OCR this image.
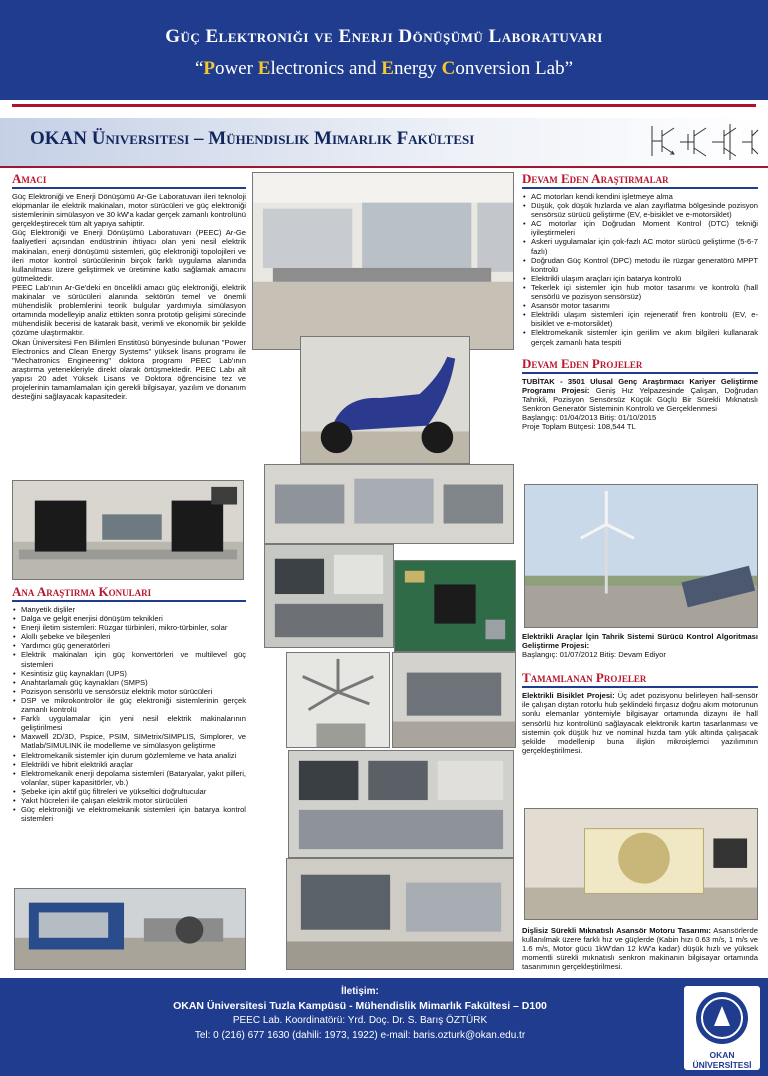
Güç Elektroniği ve Enerji Dönüşümü Laboratuvarı
“Power Electronics and Energy Conversion Lab”
OKAN Üniversitesi – Mühendislik Mimarlık Fakültesi
Amacı
Güç Elektroniği ve Enerji Dönüşümü Ar-Ge Laboratuvarı ileri teknoloji ekipmanlar ile elektrik makinaları, motor sürücüleri ve güç elektroniği sistemlerinin simülasyon ve 30 kW'a kadar gerçek zamanlı kontrolünü gerçekleştirecek tüm alt yapıya sahiptir.
Güç Elektroniği ve Enerji Dönüşümü Laboratuvarı (PEEC) Ar-Ge faaliyetleri açısından endüstrinin ihtiyacı olan yeni nesil elektrik makinaları, enerji dönüşümü sistemleri, güç elektroniği topolojileri ve ileri motor kontrol sürücülerinin birçok farklı uygulama alanında kullanılması üzere geliştirmek ve üretimine katkı sağlamak amacını gütmektedir.
PEEC Lab'ının Ar-Ge'deki en öncelikli amacı güç elektroniği, elektrik makinalar ve sürücüleri alanında sektörün temel ve önemli mühendislik problemlerini teorik bulgular yardımıyla simülasyon ortamında modelleyip analiz ettikten sonra prototip gelişimi sürecinde mühendislik becerisi de katarak basit, verimli ve ekonomik bir şekilde çözüme ulaştırmaktır.
Okan Üniversitesi Fen Bilimleri Enstitüsü bünyesinde bulunan "Power Electronics and Clean Energy Systems" yüksek lisans programı ile "Mechatronics Engineering" doktora programı PEEC Lab'ının araştırma yetenekleriyle direkt olarak örtüşmektedir. PEEC Labı alt yapısı 20 adet Yüksek Lisans ve Doktora öğrencisine tez ve projelerinin tamamlamaları için gerekli bilgisayar, yazılım ve donanım desteğini sağlayacak kapasitedeir.
Ana Araştırma Konuları
• Manyetik dişliler
• Dalga ve gelgit enerjisi dönüşüm teknikleri
• Enerji iletim sistemleri: Rüzgar türbinleri, mikro-türbinler, solar
• Akıllı şebeke ve bileşenleri
• Yardımcı güç generatörleri
• Elektrik makinaları için güç konvertörleri ve multilevel güç sistemleri
• Kesintisiz güç kaynakları (UPS)
• Anahtarlamalı güç kaynakları (SMPS)
• Pozisyon sensörlü ve sensörsüz elektrik motor sürücüleri
• DSP ve mikrokontrolör ile güç elektroniği sistemlerinin gerçek zamanlı kontrolü
• Farklı uygulamalar için yeni nesil elektrik makinalarının geliştirilmesi
• Maxwell 2D/3D, Pspice, PSIM, SIMetrix/SIMPLIS, Simplorer, ve Matlab/SIMULINK ile modelleme ve simülasyon geliştirme
• Elektromekanik sistemler için durum gözlemleme ve hata analizi
• Elektrikli ve hibrit elektrikli araçlar
• Elektromekanik enerji depolama sistemleri (Bataryalar, yakıt pilleri, volanlar, süper kapasitörler, vb.)
• Şebeke için aktif güç filtreleri ve yükseltici doğrultucular
• Yakıt hücreleri ile çalışan elektrik motor sürücüleri
• Güç elektroniği ve elektromekanik sistemleri için batarya kontrol sistemleri
Devam Eden Araştırmalar
• AC motorları kendi kendini işletmeye alma
• Düşük, çok düşük hızlarda ve alan zayıflatma bölgesinde pozisyon sensörsüz sürücü geliştirme (EV, e-bisiklet ve e-motorsiklet)
• AC motorlar için Doğrudan Moment Kontrol (DTC) tekniği iyileştirmeleri
• Askeri uygulamalar için çok-fazlı AC motor sürücü geliştirme (5-6-7 fazlı)
• Doğrudan Güç Kontrol (DPC) metodu ile rüzgar generatörü MPPT kontrolü
• Elektrikli ulaşım araçları için batarya kontrolü
• Tekerlek içi sistemler için hub motor tasarımı ve kontrolü (hall sensörlü ve pozisyon sensörsüz)
• Asansör motor tasarımı
• Elektrikli ulaşım sistemleri için rejeneratif fren kontrolü (EV, e-bisiklet ve e-motorsiklet)
• Elektromekanik sistemler için gerilim ve akım bilgileri kullanarak gerçek zamanlı hata tespiti
Devam Eden Projeler
TUBİTAK - 3501 Ulusal Genç Araştırmacı Kariyer Geliştirme Programı Projesi: Geniş Hız Yelpazesinde Çalışan, Doğrudan Tahrikli, Pozisyon Sensörsüz Küçük Güçlü Bir Sürekli Mıknatıslı Senkron Generatör Sisteminin Kontrolü ve Gerçeklenmesi
Başlangıç: 01/04/2013 Bitiş: 01/10/2015
Proje Toplam Bütçesi: 108,544 TL
Elektrikli Araçlar İçin Tahrik Sistemi Sürücü Kontrol Algoritması Geliştirme Projesi:
Başlangıç: 01/07/2012 Bitiş: Devam Ediyor
Tamamlanan Projeler
Elektrikli Bisiklet Projesi: Üç adet pozisyonu belirleyen hall-sensör ile çalışan dıştan rotorlu hub şeklindeki fırçasız doğru akım motorunun sonlu elemanlar yöntemiyle bilgisayar ortamında dizaynı ile hall sensörlü hız kontrolünü sağlayacak elektronik kartın tasarlanması ve sistemin çok düşük hız ve nominal hızda tam yük altında çalışacak şekilde modellenip buna ilişkin mikroişlemci yazılımının gerçekleştirilmesi.
Dişlisiz Sürekli Mıknatıslı Asansör Motoru Tasarımı: Asansörlerde kullanılmak üzere farklı hız ve güçlerde (Kabin hızı 0.63 m/s, 1 m/s ve 1.6 m/s, Motor gücü 1kW'dan 12 kW'a kadar) düşük hızlı ve yüksek momentli sürekli mıknatıslı senkron makinanın bilgisayar ortamında tasarımının gerçekleştirilmesi.
İletişim:
OKAN Üniversitesi Tuzla Kampüsü - Mühendislik Mimarlık Fakültesi – D100
PEEC Lab. Koordinatörü: Yrd. Doç. Dr. S. Barış ÖZTÜRK
Tel: 0 (216) 677 1630 (dahili: 1973, 1922) e-mail: baris.ozturk@okan.edu.tr
OKAN ÜNİVERSİTESİ
